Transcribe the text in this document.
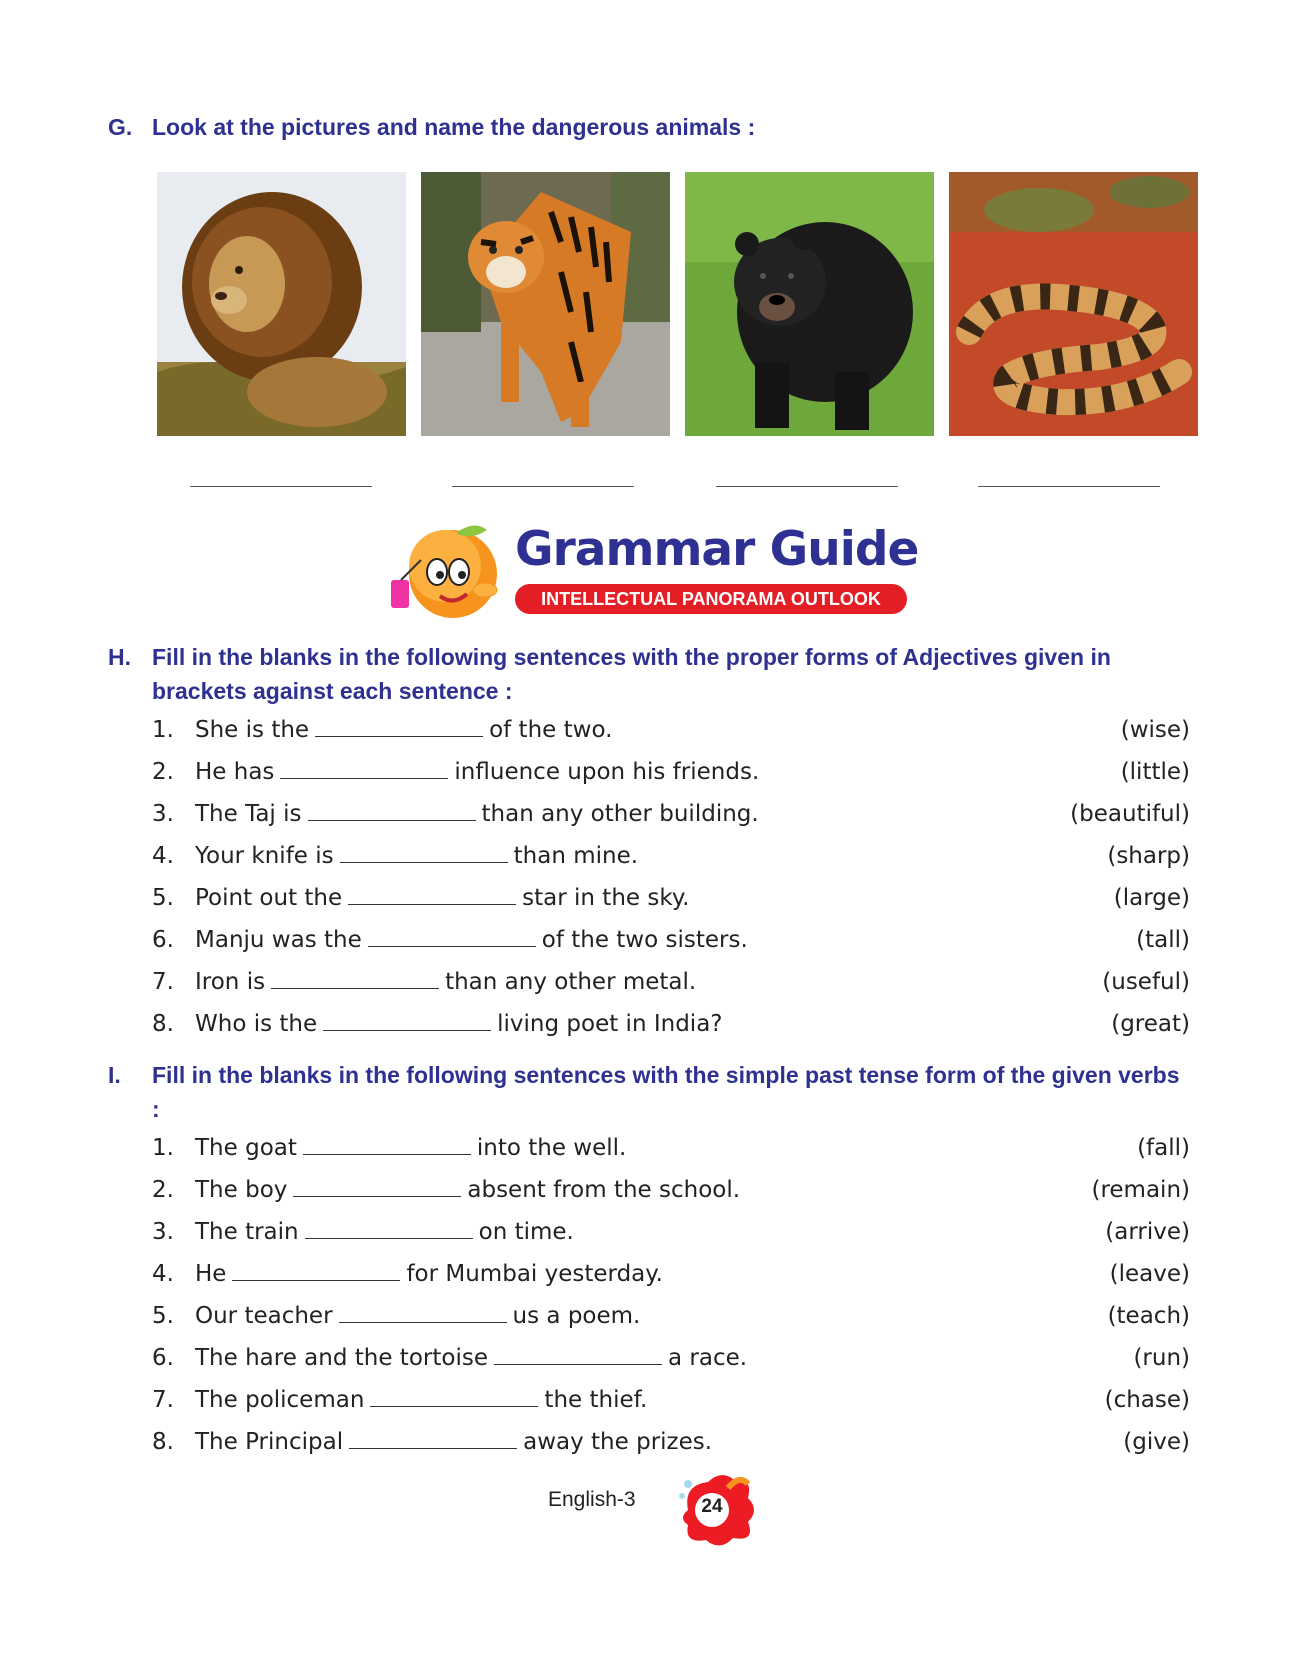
G. Look at the pictures and name the dangerous animals :
Grammar Guide
INTELLECTUAL PANORAMA OUTLOOK
H. Fill in the blanks in the following sentences with the proper forms of Adjectives given in brackets against each sentence :
1. She is the	of the two.	(wise)
2. He has	influence upon his friends.	(little)
3. The Taj is	than any other building.	(beautiful)
4. Your knife is	than mine.	(sharp)
5. Point out the	star in the sky.	(large)
6. Manju was the	of the two sisters.	(tall)
7. Iron is	than any other metal.	(useful)
8. Who is the	living poet in India?	(great)
I. Fill in the blanks in the following sentences with the simple past tense form of the given verbs :
1. The goat	into the well.	(fall)
2. The boy	absent from the school.	(remain)
3. The train	on time.	(arrive)
4. He	for Mumbai yesterday.	(leave)
5. Our teacher	us a poem.	(teach)
6. The hare and the tortoise	a race.	(run)
7. The policeman	the thief.	(chase)
8. The Principal	away the prizes.	(give)
English-3	24
